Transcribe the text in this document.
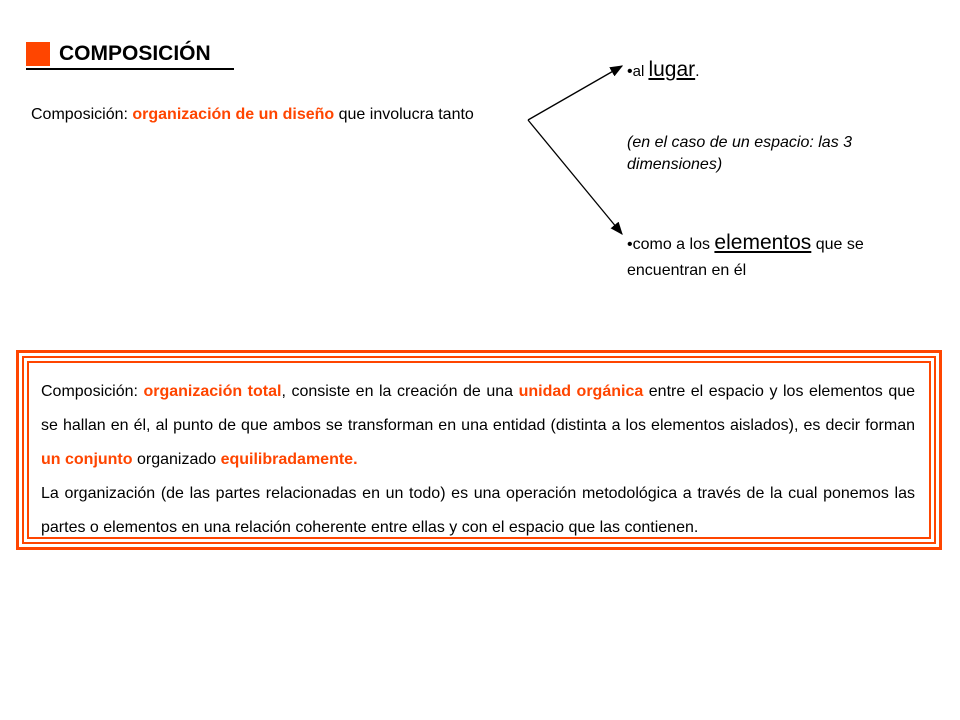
COMPOSICIÓN
Composición: organización de un diseño que involucra tanto
•al lugar.
(en el caso de un espacio: las 3 dimensiones)
•como a los elementos que se encuentran en él

Composición: organización total, consiste en la creación de una unidad orgánica entre el espacio y los elementos que se hallan en él, al punto de que ambos se transforman en una entidad (distinta a los elementos aislados), es decir forman un conjunto organizado equilibradamente.

La organización (de las partes relacionadas en un todo) es una operación metodológica a través de la cual ponemos las partes o elementos en una relación coherente entre ellas y con el espacio que las contienen.
